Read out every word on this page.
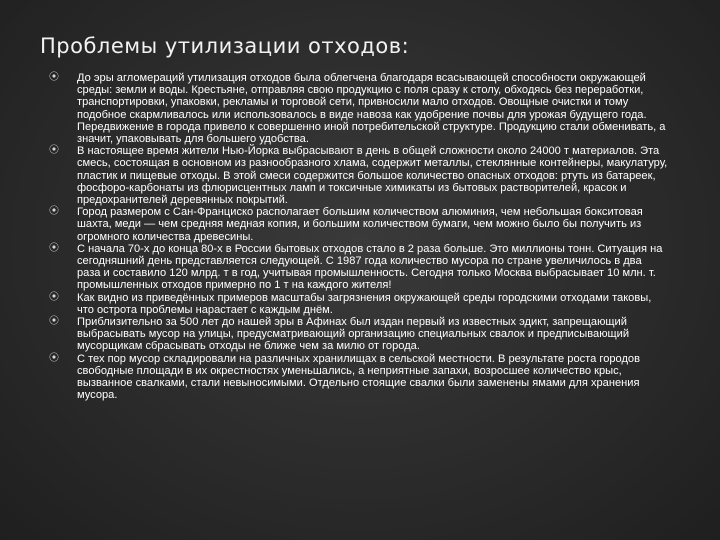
Проблемы утилизации отходов:
⦿ До эры агломераций утилизация отходов была облегчена благодаря всасывающей способности окружающей среды: земли и воды. Крестьяне, отправляя свою продукцию с поля сразу к столу, обходясь без переработки, транспортировки, упаковки, рекламы и торговой сети, привносили мало отходов. Овощные очистки и тому подобное скармливалось или использовалось в виде навоза как удобрение почвы для урожая будущего года. Передвижение в города привело к совершенно иной потребительской структуре. Продукцию стали обменивать, а значит, упаковывать для большего удобства.
⦿ В настоящее время жители Нью-Йорка выбрасывают в день в общей сложности около 24000 т материалов. Эта смесь, состоящая в основном из разнообразного хлама, содержит металлы, стеклянные контейнеры, макулатуру, пластик и пищевые отходы. В этой смеси содержится большое количество опасных отходов: ртуть из батареек, фосфоро-карбонаты из флюрисцентных ламп и токсичные химикаты из бытовых растворителей, красок и предохранителей деревянных покрытий.
⦿ Город размером с Сан-Франциско располагает большим количеством алюминия, чем небольшая бокситовая шахта, меди — чем средняя медная копия, и большим количеством бумаги, чем можно было бы получить из огромного количества древесины.
⦿ С начала 70-х до конца 80-х в России бытовых отходов стало в 2 раза больше. Это миллионы тонн. Ситуация на сегодняшний день представляется следующей. С 1987 года количество мусора по стране увеличилось в два раза и составило 120 млрд. т в год, учитывая промышленность. Сегодня только Москва выбрасывает 10 млн. т. промышленных отходов примерно по 1 т на каждого жителя!
⦿ Как видно из приведённых примеров масштабы загрязнения окружающей среды городскими отходами таковы, что острота проблемы нарастает с каждым днём.
⦿ Приблизительно за 500 лет до нашей эры в Афинах был издан первый из известных эдикт, запрещающий выбрасывать мусор на улицы, предусматривающий организацию специальных свалок и предписывающий мусорщикам сбрасывать отходы не ближе чем за милю от города.
⦿ С тех пор мусор складировали на различных хранилищах в сельской местности. В результате роста городов свободные площади в их окрестностях уменьшались, а неприятные запахи, возросшее количество крыс, вызванное свалками, стали невыносимыми. Отдельно стоящие свалки были заменены ямами для хранения мусора.
